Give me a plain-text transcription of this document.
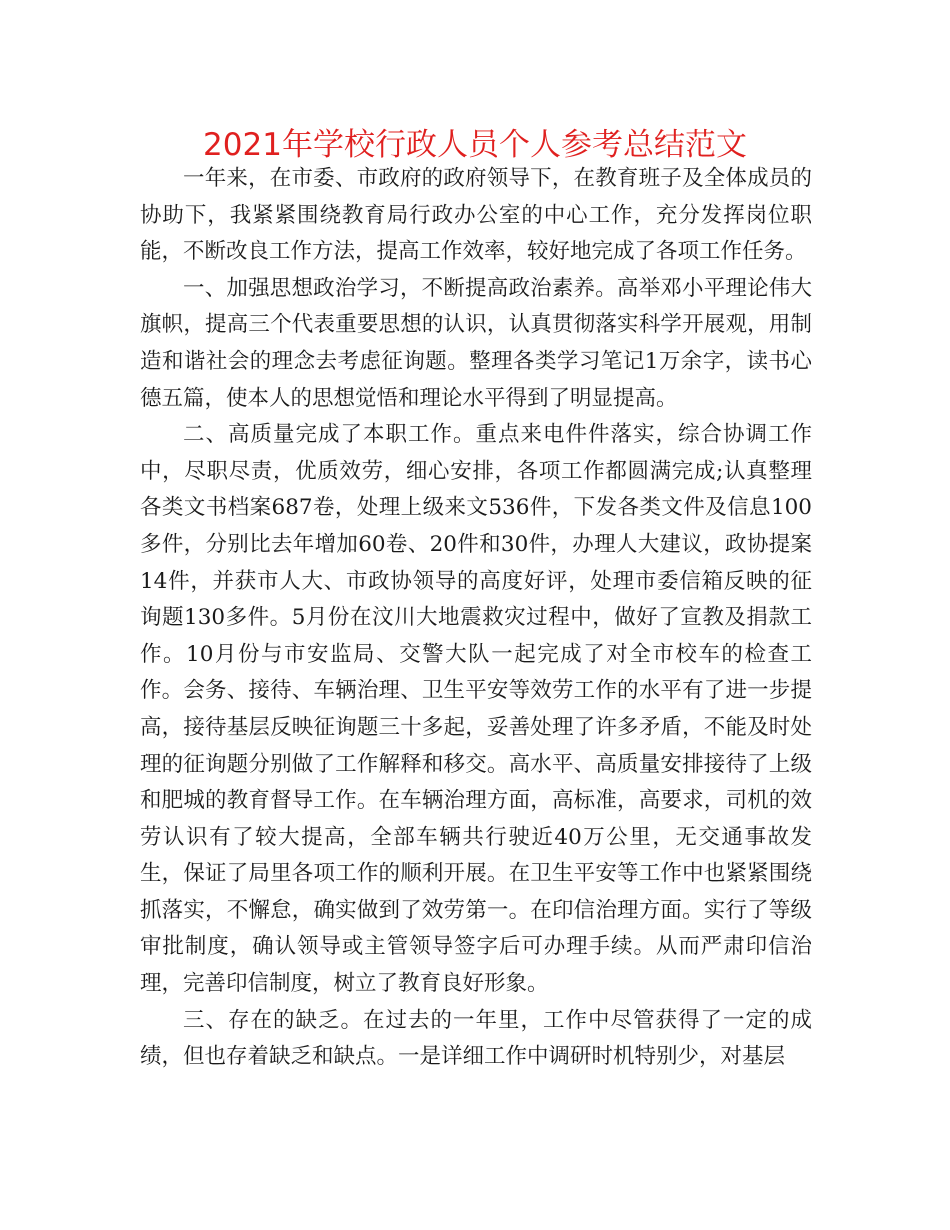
2021年学校行政人员个人参考总结范文

一年来，在市委、市政府的政府领导下，在教育班子及全体成员的协助下，我紧紧围绕教育局行政办公室的中心工作，充分发挥岗位职能，不断改良工作方法，提高工作效率，较好地完成了各项工作任务。

一、加强思想政治学习，不断提高政治素养。高举邓小平理论伟大旗帜，提高三个代表重要思想的认识，认真贯彻落实科学开展观，用制造和谐社会的理念去考虑征询题。整理各类学习笔记1万余字，读书心德五篇，使本人的思想觉悟和理论水平得到了明显提高。

二、高质量完成了本职工作。重点来电件件落实，综合协调工作中，尽职尽责，优质效劳，细心安排，各项工作都圆满完成;认真整理各类文书档案687卷，处理上级来文536件，下发各类文件及信息100多件，分别比去年增加60卷、20件和30件，办理人大建议，政协提案14件，并获市人大、市政协领导的高度好评，处理市委信箱反映的征询题130多件。5月份在汶川大地震救灾过程中，做好了宣教及捐款工作。10月份与市安监局、交警大队一起完成了对全市校车的检查工作。会务、接待、车辆治理、卫生平安等效劳工作的水平有了进一步提高，接待基层反映征询题三十多起，妥善处理了许多矛盾，不能及时处理的征询题分别做了工作解释和移交。高水平、高质量安排接待了上级和肥城的教育督导工作。在车辆治理方面，高标准，高要求，司机的效劳认识有了较大提高，全部车辆共行驶近40万公里，无交通事故发生，保证了局里各项工作的顺利开展。在卫生平安等工作中也紧紧围绕抓落实，不懈怠，确实做到了效劳第一。在印信治理方面。实行了等级审批制度，确认领导或主管领导签字后可办理手续。从而严肃印信治理，完善印信制度，树立了教育良好形象。

三、存在的缺乏。在过去的一年里，工作中尽管获得了一定的成绩，但也存着缺乏和缺点。一是详细工作中调研时机特别少，对基层
